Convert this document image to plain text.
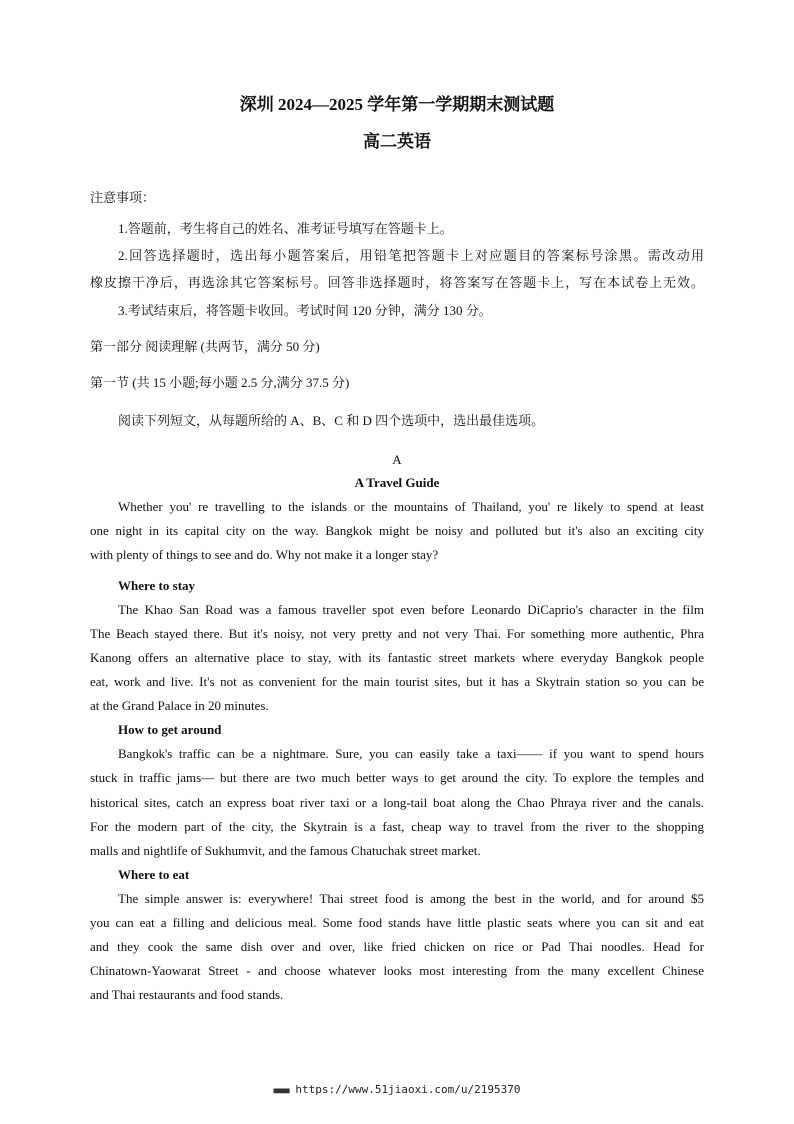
深圳 2024—2025 学年第一学期期末测试题
高二英语
注意事项：
1.答题前，考生将自己的姓名、准考证号填写在答题卡上。
2.回答选择题时，选出每小题答案后，用铅笔把答题卡上对应题目的答案标号涂黑。需改动用
橡皮擦干净后，再选涂其它答案标号。回答非选择题时，将答案写在答题卡上，写在本试卷上无效。
3.考试结束后，将答题卡收回。考试时间 120 分钟，满分 130 分。
第一部分 阅读理解 (共两节，满分 50 分)
第一节 (共 15 小题;每小题 2.5 分,满分 37.5 分)
阅读下列短文，从每题所给的 A、B、C 和 D 四个选项中，选出最佳选项。
A
A Travel Guide
Whether you' re travelling to the islands or the mountains of Thailand, you' re likely to spend at least
one night in its capital city on the way. Bangkok might be noisy and polluted but it's also an exciting city
with plenty of things to see and do. Why not make it a longer stay?
Where to stay
The Khao San Road was a famous traveller spot even before Leonardo DiCaprio's character in the film
The Beach stayed there. But it's noisy, not very pretty and not very Thai. For something more authentic, Phra
Kanong offers an alternative place to stay, with its fantastic street markets where everyday Bangkok people
eat, work and live. It's not as convenient for the main tourist sites, but it has a Skytrain station so you can be
at the Grand Palace in 20 minutes.
How to get around
Bangkok's traffic can be a nightmare. Sure, you can easily take a taxi—— if you want to spend hours
stuck in traffic jams— but there are two much better ways to get around the city. To explore the temples and
historical sites, catch an express boat river taxi or a long-tail boat along the Chao Phraya river and the canals.
For the modern part of the city, the Skytrain is a fast, cheap way to travel from the river to the shopping
malls and nightlife of Sukhumvit, and the famous Chatuchak street market.
Where to eat
The simple answer is: everywhere! Thai street food is among the best in the world, and for around $5
you can eat a filling and delicious meal. Some food stands have little plastic seats where you can sit and eat
and they cook the same dish over and over, like fried chicken on rice or Pad Thai noodles. Head for
Chinatown-Yaowarat Street - and choose whatever looks most interesting from the many excellent Chinese
and Thai restaurants and food stands.
■■■■ https://www.51jiaoxi.com/u/2195370
